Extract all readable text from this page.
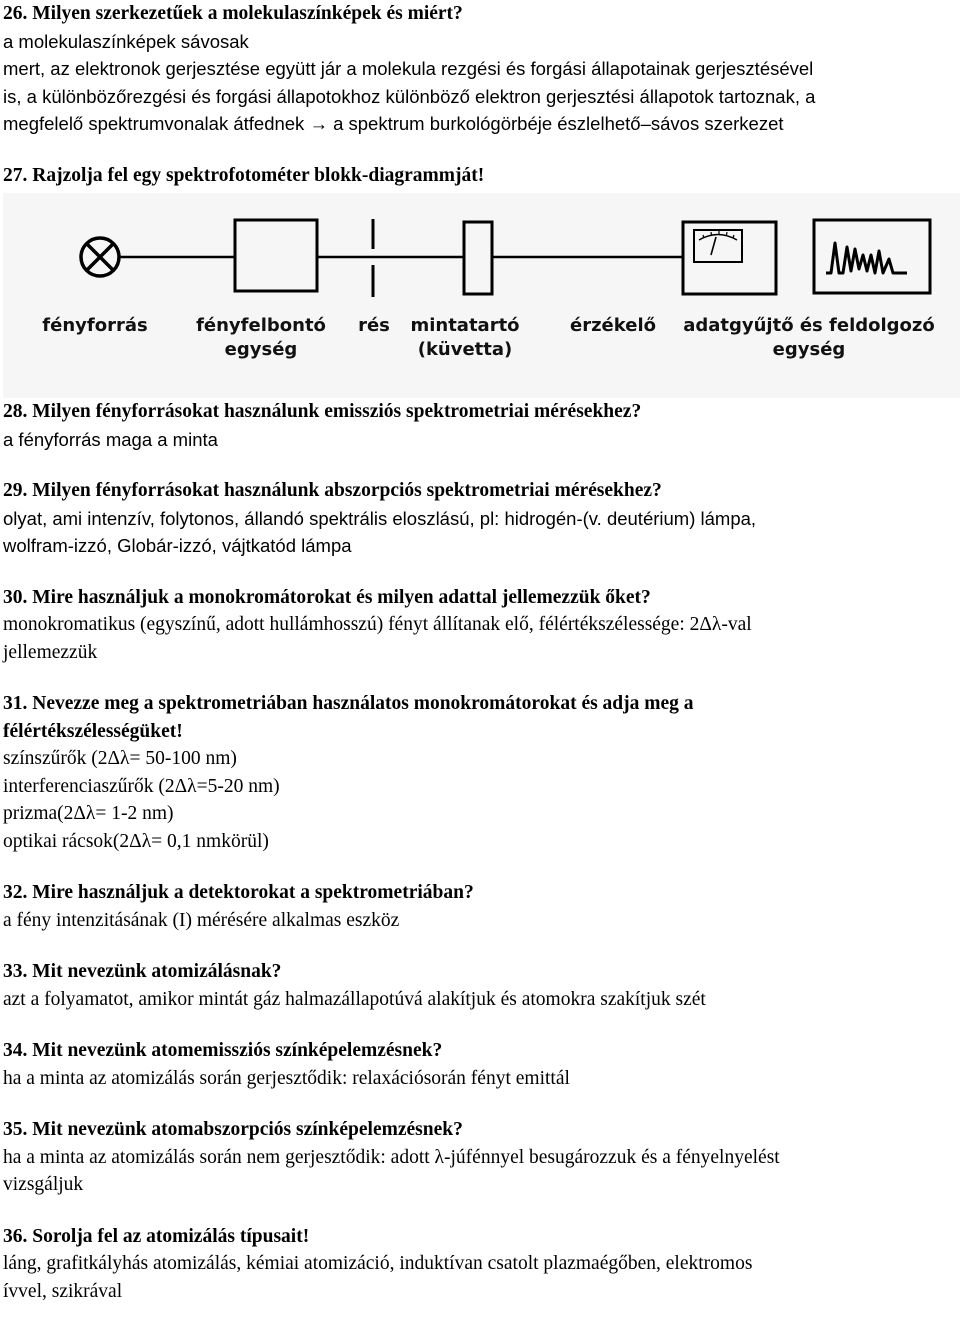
26. Milyen szerkezetűek a molekulaszínképek és miért?
a molekulaszínképek sávosak
mert, az elektronok gerjesztése együtt jár a molekula rezgési és forgási állapotainak gerjesztésével
is, a különbözőrezgési és forgási állapotokhoz különböző elektron gerjesztési állapotok tartoznak, a
megfelelő spektrumvonalak átfednek → a spektrum burkológörbéje észlelhető–sávos szerkezet
27. Rajzolja fel egy spektrofotométer blokk-diagrammját!
fényforrás	fényfelbontó
egység
rés	mintatartó
(küvetta)
érzékelő	adatgyűjtő és feldolgozó
egység
28. Milyen fényforrásokat használunk emissziós spektrometriai mérésekhez?
a fényforrás maga a minta
29. Milyen fényforrásokat használunk abszorpciós spektrometriai mérésekhez?
olyat, ami intenzív, folytonos, állandó spektrális eloszlású, pl: hidrogén-(v. deutérium) lámpa,
wolfram-izzó, Globár-izzó, vájtkatód lámpa
30. Mire használjuk a monokromátorokat és milyen adattal jellemezzük őket?
monokromatikus (egyszínű, adott hullámhosszú) fényt állítanak elő, félértékszélessége: 2Δλ-val
jellemezzük
31. Nevezze meg a spektrometriában használatos monokromátorokat és adja meg a
félértékszélességüket!
színszűrők (2Δλ= 50-100 nm)
interferenciaszűrők (2Δλ=5-20 nm)
prizma(2Δλ= 1-2 nm)
optikai rácsok(2Δλ= 0,1 nmkörül)
32. Mire használjuk a detektorokat a spektrometriában?
a fény intenzitásának (I) mérésére alkalmas eszköz
33. Mit nevezünk atomizálásnak?
azt a folyamatot, amikor mintát gáz halmazállapotúvá alakítjuk és atomokra szakítjuk szét
34. Mit nevezünk atomemissziós színképelemzésnek?
ha a minta az atomizálás során gerjesztődik: relaxációsorán fényt emittál
35. Mit nevezünk atomabszorpciós színképelemzésnek?
ha a minta az atomizálás során nem gerjesztődik: adott λ-júfénnyel besugározzuk és a fényelnyelést
vizsgáljuk
36. Sorolja fel az atomizálás típusait!
láng, grafitkályhás atomizálás, kémiai atomizáció, induktívan csatolt plazmaégőben, elektromos
ívvel, szikrával
